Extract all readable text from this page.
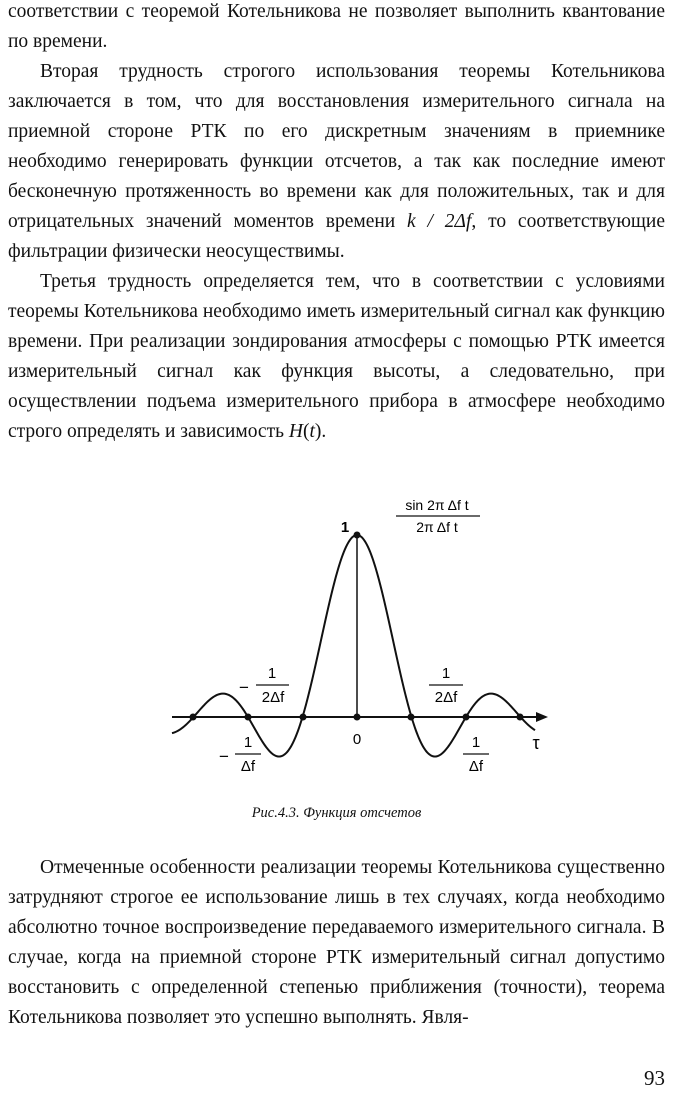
соответствии с теоремой Котельникова не позволяет выполнить квантование по времени.

Вторая трудность строгого использования теоремы Котельникова заключается в том, что для восстановления измерительного сигнала на приемной стороне РТК по его дискретным значениям в приемнике необходимо генерировать функции отсчетов, а так как последние имеют бесконечную протяженность во времени как для положительных, так и для отрицательных значений моментов времени k / 2Δf, то соответствующие фильтрации физически неосуществимы.

Третья трудность определяется тем, что в соответствии с условиями теоремы Котельникова необходимо иметь измерительный сигнал как функцию времени. При реализации зондирования атмосферы с помощью РТК имеется измерительный сигнал как функция высоты, а следовательно, при осуществлении подъема измерительного прибора в атмосфере необходимо строго определять и зависимость H(t).

sin 2π Δf t
2π Δf t
1
0	τ
−
1
2Δf
1
2Δf
−
1
Δf
1
Δf
Рис.4.3. Функция отсчетов

Отмеченные особенности реализации теоремы Котельникова существенно затрудняют строгое ее использование лишь в тех случаях, когда необходимо абсолютно точное воспроизведение передаваемого измерительного сигнала. В случае, когда на приемной стороне РТК измерительный сигнал допустимо восстановить с определенной степенью приближения (точности), теорема Котельникова позволяет это успешно выполнять. Явля-

93
